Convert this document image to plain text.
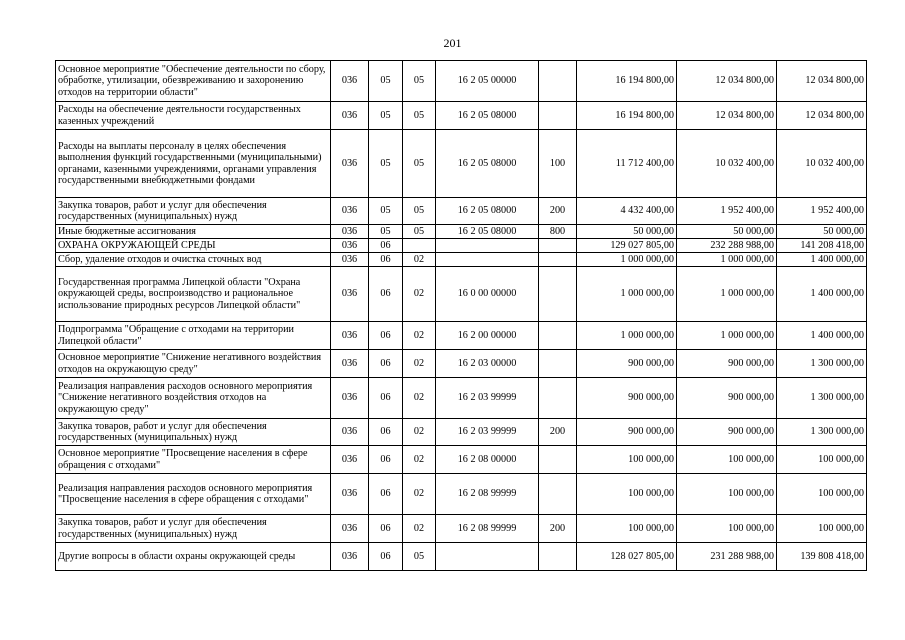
201
Основное мероприятие "Обеспечение деятельности по сбору, обработке, утилизации, обезвреживанию и захоронению отходов на территории области"	036	05	05	16 2 05 00000		16 194 800,00	12 034 800,00	12 034 800,00
Расходы на обеспечение деятельности государственных казенных учреждений	036	05	05	16 2 05 08000		16 194 800,00	12 034 800,00	12 034 800,00
Расходы на выплаты персоналу в целях обеспечения выполнения функций государственными (муниципальными) органами, казенными учреждениями, органами управления государственными внебюджетными фондами	036	05	05	16 2 05 08000	100	11 712 400,00	10 032 400,00	10 032 400,00
Закупка товаров, работ и услуг для обеспечения государственных (муниципальных) нужд	036	05	05	16 2 05 08000	200	4 432 400,00	1 952 400,00	1 952 400,00
Иные бюджетные ассигнования	036	05	05	16 2 05 08000	800	50 000,00	50 000,00	50 000,00
ОХРАНА ОКРУЖАЮЩЕЙ СРЕДЫ	036	06				129 027 805,00	232 288 988,00	141 208 418,00
Сбор, удаление отходов и очистка сточных вод	036	06	02			1 000 000,00	1 000 000,00	1 400 000,00
Государственная программа Липецкой области "Охрана окружающей среды, воспроизводство и рациональное использование природных ресурсов Липецкой области"	036	06	02	16 0 00 00000		1 000 000,00	1 000 000,00	1 400 000,00
Подпрограмма "Обращение с отходами на территории Липецкой области"	036	06	02	16 2 00 00000		1 000 000,00	1 000 000,00	1 400 000,00
Основное мероприятие "Снижение негативного воздействия отходов на окружающую среду"	036	06	02	16 2 03 00000		900 000,00	900 000,00	1 300 000,00
Реализация направления расходов основного мероприятия "Снижение негативного воздействия отходов на окружающую среду"	036	06	02	16 2 03 99999		900 000,00	900 000,00	1 300 000,00
Закупка товаров, работ и услуг для обеспечения государственных (муниципальных) нужд	036	06	02	16 2 03 99999	200	900 000,00	900 000,00	1 300 000,00
Основное мероприятие "Просвещение населения в сфере обращения с отходами"	036	06	02	16 2 08 00000		100 000,00	100 000,00	100 000,00
Реализация направления расходов основного мероприятия "Просвещение населения в сфере обращения с отходами"	036	06	02	16 2 08 99999		100 000,00	100 000,00	100 000,00
Закупка товаров, работ и услуг для обеспечения государственных (муниципальных) нужд	036	06	02	16 2 08 99999	200	100 000,00	100 000,00	100 000,00
Другие вопросы в области охраны окружающей среды	036	06	05			128 027 805,00	231 288 988,00	139 808 418,00
